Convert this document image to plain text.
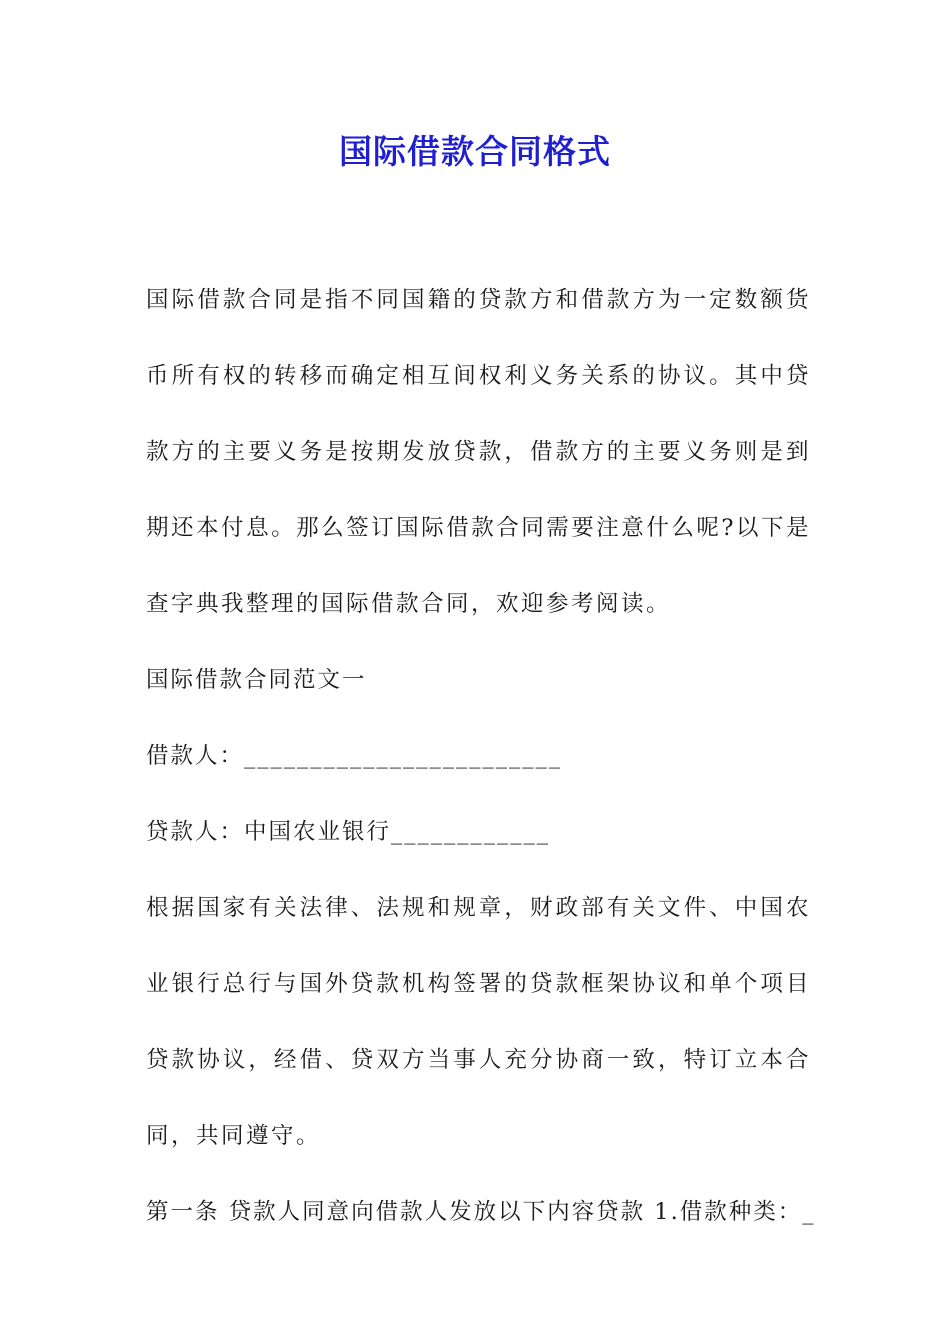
国际借款合同格式

国际借款合同是指不同国籍的贷款方和借款方为一定数额货币所有权的转移而确定相互间权利义务关系的协议。其中贷款方的主要义务是按期发放贷款，借款方的主要义务则是到期还本付息。那么签订国际借款合同需要注意什么呢?以下是查字典我整理的国际借款合同，欢迎参考阅读。

国际借款合同范文一

借款人：________________________

贷款人：中国农业银行____________

根据国家有关法律、法规和规章，财政部有关文件、中国农业银行总行与国外贷款机构签署的贷款框架协议和单个项目贷款协议，经借、贷双方当事人充分协商一致，特订立本合同，共同遵守。

第一条 贷款人同意向借款人发放以下内容贷款 1.借款种类：_
